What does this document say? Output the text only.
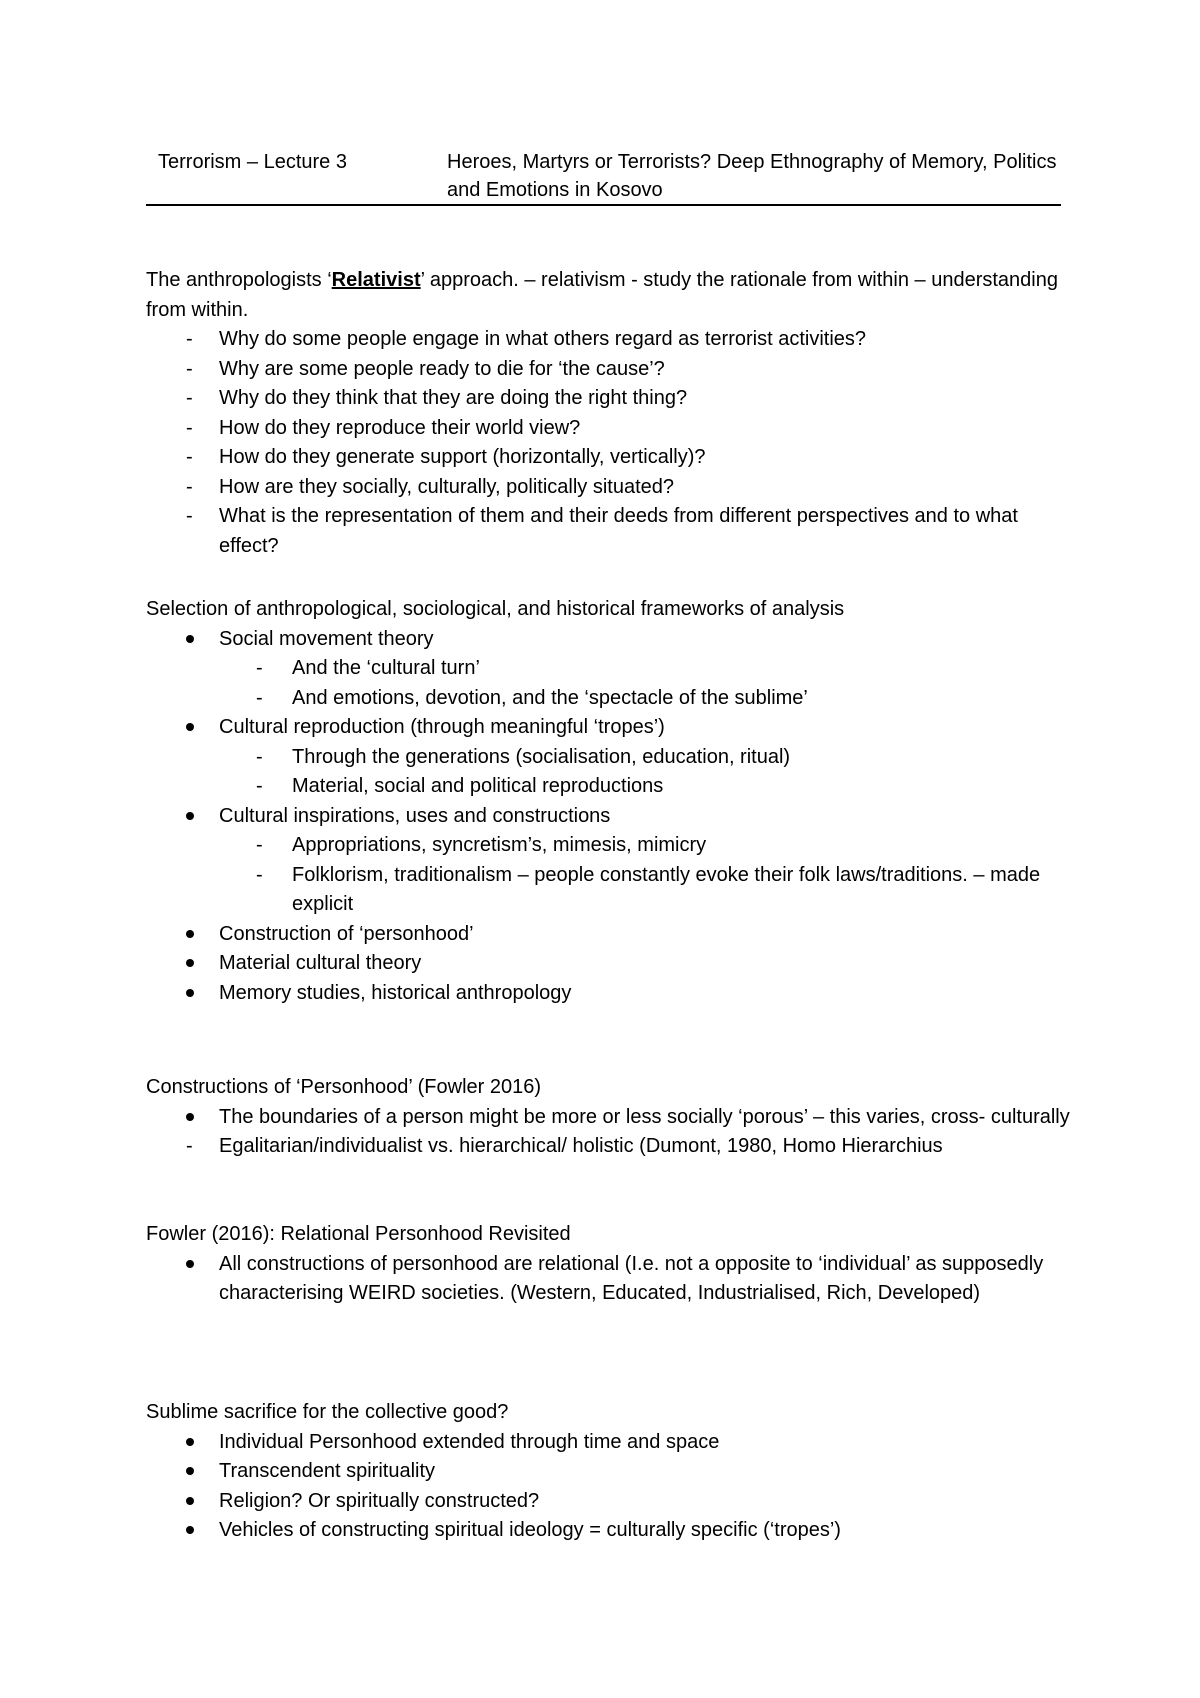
Terrorism – Lecture 3	Heroes, Martyrs or Terrorists? Deep Ethnography of Memory, Politics and Emotions in Kosovo

The anthropologists ‘Relativist’ approach. – relativism - study the rationale from within – understanding from within.

- Why do some people engage in what others regard as terrorist activities?
- Why are some people ready to die for ‘the cause’?
- Why do they think that they are doing the right thing?
- How do they reproduce their world view?
- How do they generate support (horizontally, vertically)?
- How are they socially, culturally, politically situated?
- What is the representation of them and their deeds from different perspectives and to what effect?

Selection of anthropological, sociological, and historical frameworks of analysis

Social movement theory
- And the ‘cultural turn’
- And emotions, devotion, and the ‘spectacle of the sublime’
Cultural reproduction (through meaningful ‘tropes’)
- Through the generations (socialisation, education, ritual)
- Material, social and political reproductions
Cultural inspirations, uses and constructions
- Appropriations, syncretism’s, mimesis, mimicry
- Folklorism, traditionalism – people constantly evoke their folk laws/traditions. – made explicit
Construction of ‘personhood’
Material cultural theory
Memory studies, historical anthropology

Constructions of ‘Personhood’ (Fowler 2016)

The boundaries of a person might be more or less socially ‘porous’ – this varies, cross- culturally
- Egalitarian/individualist vs. hierarchical/ holistic (Dumont, 1980, Homo Hierarchius

Fowler (2016): Relational Personhood Revisited

All constructions of personhood are relational (I.e. not a opposite to ‘individual’ as supposedly characterising WEIRD societies. (Western, Educated, Industrialised, Rich, Developed)

Sublime sacrifice for the collective good?

Individual Personhood extended through time and space
Transcendent spirituality
Religion? Or spiritually constructed?
Vehicles of constructing spiritual ideology = culturally specific (‘tropes’)
